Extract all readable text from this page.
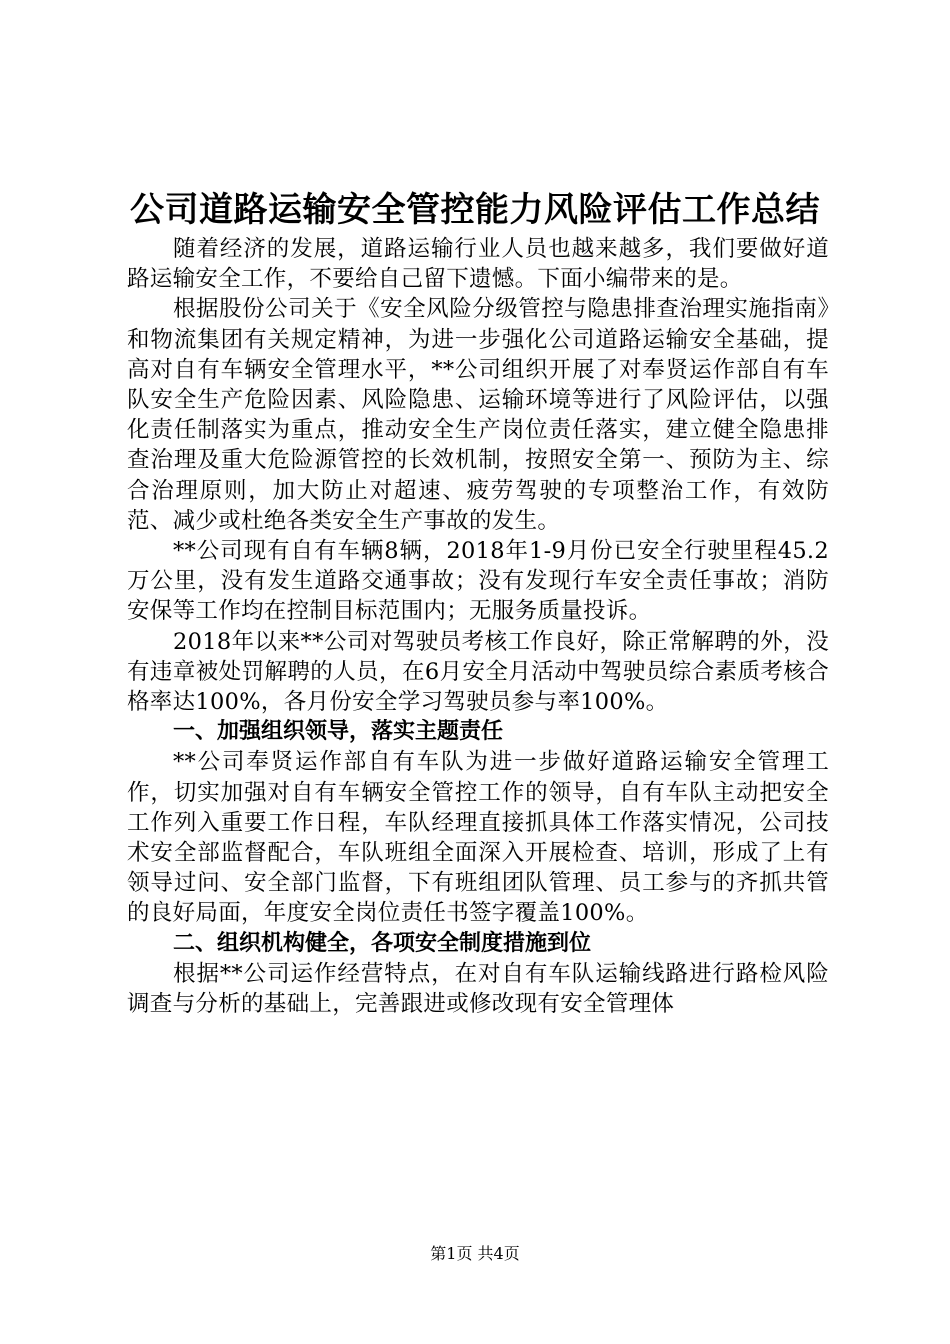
公司道路运输安全管控能力风险评估工作总结

随着经济的发展，道路运输行业人员也越来越多，我们要做好道路运输安全工作，不要给自己留下遗憾。下面小编带来的是。

根据股份公司关于《安全风险分级管控与隐患排查治理实施指南》和物流集团有关规定精神，为进一步强化公司道路运输安全基础，提高对自有车辆安全管理水平，**公司组织开展了对奉贤运作部自有车队安全生产危险因素、风险隐患、运输环境等进行了风险评估，以强化责任制落实为重点，推动安全生产岗位责任落实，建立健全隐患排查治理及重大危险源管控的长效机制，按照安全第一、预防为主、综合治理原则，加大防止对超速、疲劳驾驶的专项整治工作，有效防范、减少或杜绝各类安全生产事故的发生。

**公司现有自有车辆8辆，2018年1-9月份已安全行驶里程45.2万公里，没有发生道路交通事故；没有发现行车安全责任事故；消防安保等工作均在控制目标范围内；无服务质量投诉。

2018年以来**公司对驾驶员考核工作良好，除正常解聘的外，没有违章被处罚解聘的人员，在6月安全月活动中驾驶员综合素质考核合格率达100%，各月份安全学习驾驶员参与率100%。

一、加强组织领导，落实主题责任

**公司奉贤运作部自有车队为进一步做好道路运输安全管理工作，切实加强对自有车辆安全管控工作的领导，自有车队主动把安全工作列入重要工作日程，车队经理直接抓具体工作落实情况，公司技术安全部监督配合，车队班组全面深入开展检查、培训，形成了上有领导过问、安全部门监督，下有班组团队管理、员工参与的齐抓共管的良好局面，年度安全岗位责任书签字覆盖100%。

二、组织机构健全，各项安全制度措施到位

根据**公司运作经营特点，在对自有车队运输线路进行路检风险调查与分析的基础上，完善跟进或修改现有安全管理体

第1页 共4页
